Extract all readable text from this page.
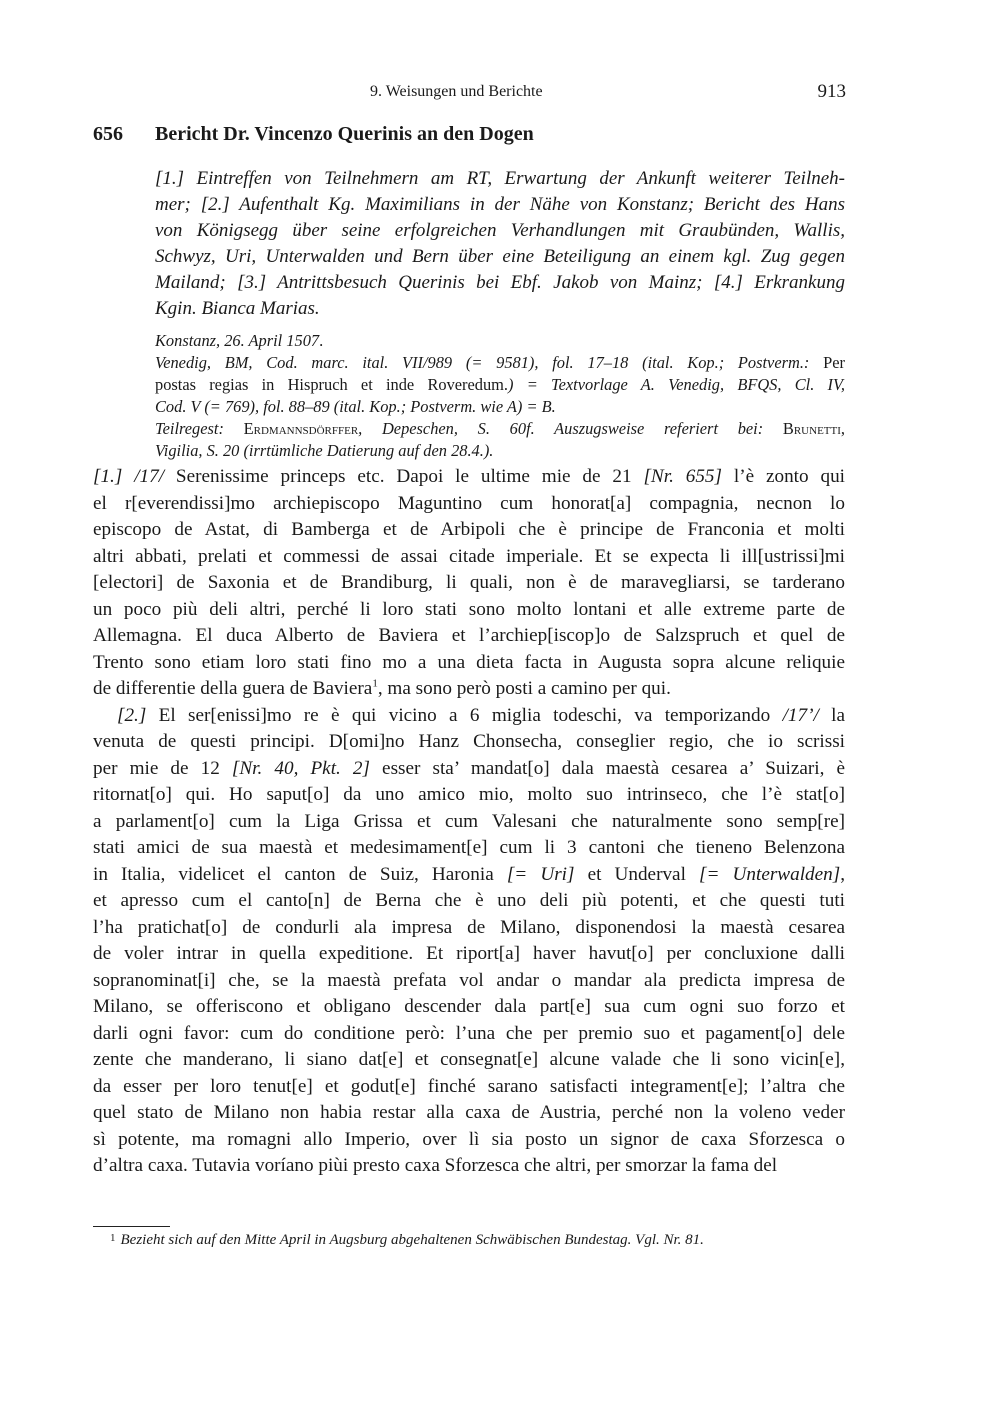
9. Weisungen und Berichte	913
656 Bericht Dr. Vincenzo Querinis an den Dogen
[1.] Eintreffen von Teilnehmern am RT, Erwartung der Ankunft weiterer Teilneh-
mer; [2.] Aufenthalt Kg. Maximilians in der Nähe von Konstanz; Bericht des Hans
von Königsegg über seine erfolgreichen Verhandlungen mit Graubünden, Wallis,
Schwyz, Uri, Unterwalden und Bern über eine Beteiligung an einem kgl. Zug gegen
Mailand; [3.] Antrittsbesuch Querinis bei Ebf. Jakob von Mainz; [4.] Erkrankung
Kgin. Bianca Marias.
Konstanz, 26. April 1507.
Venedig, BM, Cod. marc. ital. VII/989 (= 9581), fol. 17–18 (ital. Kop.; Postverm.: Per
postas regias in Hispruch et inde Roveredum.) = Textvorlage A. Venedig, BFQS, Cl. IV,
Cod. V (= 769), fol. 88–89 (ital. Kop.; Postverm. wie A) = B.
Teilregest: Erdmannsdörffer, Depeschen, S. 60f. Auszugsweise referiert bei: Brunetti,
Vigilia, S. 20 (irrtümliche Datierung auf den 28.4.).
[1.] /17/ Serenissime princeps etc. Dapoi le ultime mie de 21 [Nr. 655] l’è zonto qui
el r[everendissi]mo archiepiscopo Maguntino cum honorat[a] compagnia, necnon lo
episcopo de Astat, di Bamberga et de Arbipoli che è principe de Franconia et molti
altri abbati, prelati et commessi de assai citade imperiale. Et se expecta li ill[ustrissi]mi
[electori] de Saxonia et de Brandiburg, li quali, non è de maravegliarsi, se tarderano
un poco più deli altri, perché li loro stati sono molto lontani et alle extreme parte de
Allemagna. El duca Alberto de Baviera et l’archiep[iscop]o de Salzspruch et quel de
Trento sono etiam loro stati fino mo a una dieta facta in Augusta sopra alcune reliquie
de differentie della guera de Baviera$^1$, ma sono però posti a camino per qui.
[2.] El ser[enissi]mo re è qui vicino a 6 miglia todeschi, va temporizando /17’/ la
venuta de questi principi. D[omi]no Hanz Chonsecha, conseglier regio, che io scrissi
per mie de 12 [Nr. 40, Pkt. 2] esser sta’ mandat[o] dala maestà cesarea a’ Suizari, è
ritornat[o] qui. Ho saput[o] da uno amico mio, molto suo intrinseco, che l’è stat[o]
a parlament[o] cum la Liga Grissa et cum Valesani che naturalmente sono semp[re]
stati amici de sua maestà et medesimament[e] cum li 3 cantoni che tieneno Belenzona
in Italia, videlicet el canton de Suiz, Haronia [= Uri] et Underval [= Unterwalden],
et apresso cum el canto[n] de Berna che è uno deli più potenti, et che questi tuti
l’ha pratichat[o] de condurli ala impresa de Milano, disponendosi la maestà cesarea
de voler intrar in quella expeditione. Et riport[a] haver havut[o] per concluxione dalli
sopranominat[i] che, se la maestà prefata vol andar o mandar ala predicta impresa de
Milano, se offeriscono et obligano descender dala part[e] sua cum ogni suo forzo et
darli ogni favor: cum do conditione però: l’una che per premio suo et pagament[o] dele
zente che manderano, li siano dat[e] et consegnat[e] alcune valade che li sono vicin[e],
da esser per loro tenut[e] et godut[e] finché sarano satisfacti integrament[e]; l’altra che
quel stato de Milano non habia restar alla caxa de Austria, perché non la voleno veder
sì potente, ma romagni allo Imperio, over lì sia posto un signor de caxa Sforzesca o
d’altra caxa. Tutavia voríano piùi presto caxa Sforzesca che altri, per smorzar la fama del
$^1$ Bezieht sich auf den Mitte April in Augsburg abgehaltenen Schwäbischen Bundestag. Vgl. Nr. 81.
